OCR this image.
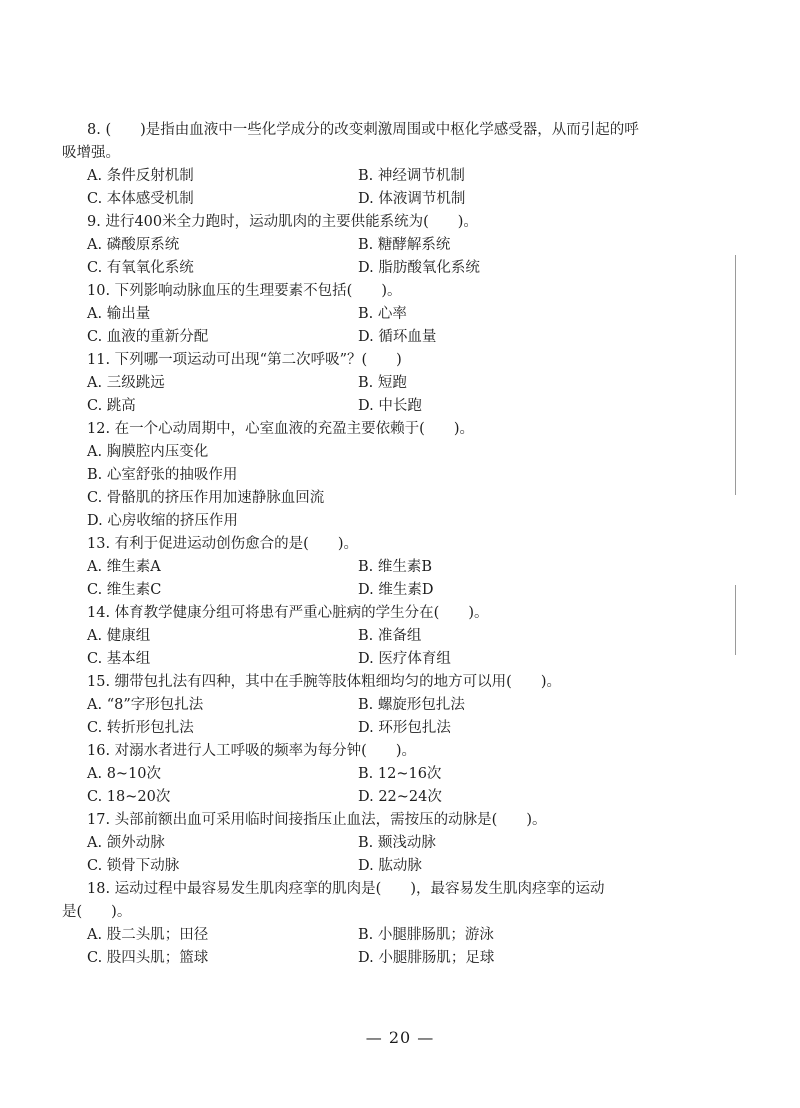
8. (　　)是指由血液中一些化学成分的改变刺激周围或中枢化学感受器，从而引起的呼
吸增强。
A. 条件反射机制	B. 神经调节机制
C. 本体感受机制	D. 体液调节机制
9. 进行400米全力跑时，运动肌肉的主要供能系统为(　　)。
A. 磷酸原系统	B. 糖酵解系统
C. 有氧氧化系统	D. 脂肪酸氧化系统
10. 下列影响动脉血压的生理要素不包括(　　)。
A. 输出量	B. 心率
C. 血液的重新分配	D. 循环血量
11. 下列哪一项运动可出现“第二次呼吸”？(　　)
A. 三级跳远	B. 短跑
C. 跳高	D. 中长跑
12. 在一个心动周期中，心室血液的充盈主要依赖于(　　)。
A. 胸膜腔内压变化
B. 心室舒张的抽吸作用
C. 骨骼肌的挤压作用加速静脉血回流
D. 心房收缩的挤压作用
13. 有利于促进运动创伤愈合的是(　　)。
A. 维生素A	B. 维生素B
C. 维生素C	D. 维生素D
14. 体育教学健康分组可将患有严重心脏病的学生分在(　　)。
A. 健康组	B. 准备组
C. 基本组	D. 医疗体育组
15. 绷带包扎法有四种，其中在手腕等肢体粗细均匀的地方可以用(　　)。
A. “8”字形包扎法	B. 螺旋形包扎法
C. 转折形包扎法	D. 环形包扎法
16. 对溺水者进行人工呼吸的频率为每分钟(　　)。
A. 8~10次	B. 12~16次
C. 18~20次	D. 22~24次
17. 头部前额出血可采用临时间接指压止血法，需按压的动脉是(　　)。
A. 颌外动脉	B. 颞浅动脉
C. 锁骨下动脉	D. 肱动脉
18. 运动过程中最容易发生肌肉痉挛的肌肉是(　　)，最容易发生肌肉痉挛的运动
是(　　)。
A. 股二头肌；田径	B. 小腿腓肠肌；游泳
C. 股四头肌；篮球	D. 小腿腓肠肌；足球
— 20 —
